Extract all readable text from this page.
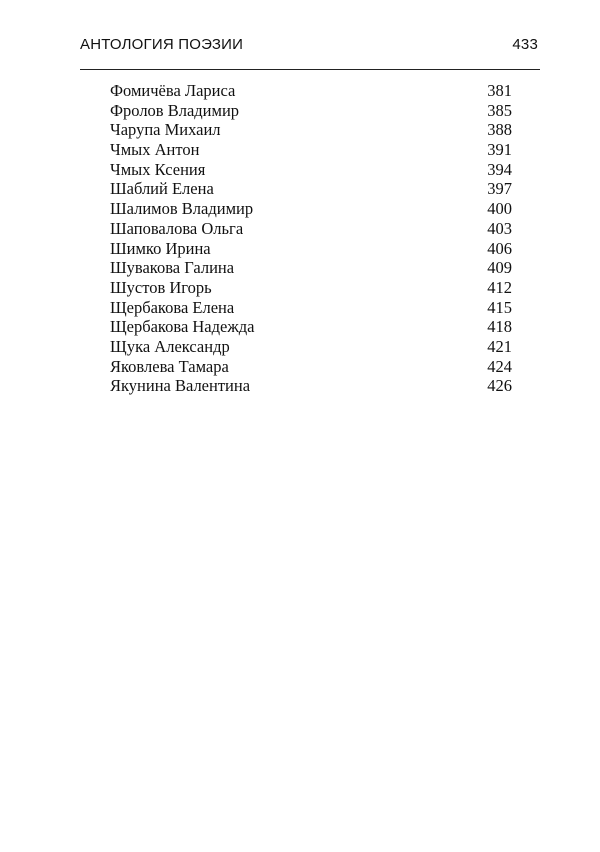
АНТОЛОГИЯ ПОЭЗИИ	433
Фомичёва Лариса	381
Фролов Владимир	385
Чарупа Михаил	388
Чмых Антон	391
Чмых Ксения	394
Шаблий Елена	397
Шалимов Владимир	400
Шаповалова Ольга	403
Шимко Ирина	406
Шувакова Галина	409
Шустов Игорь	412
Щербакова Елена	415
Щербакова Надежда	418
Щука Александр	421
Яковлева Тамара	424
Якунина Валентина	426
